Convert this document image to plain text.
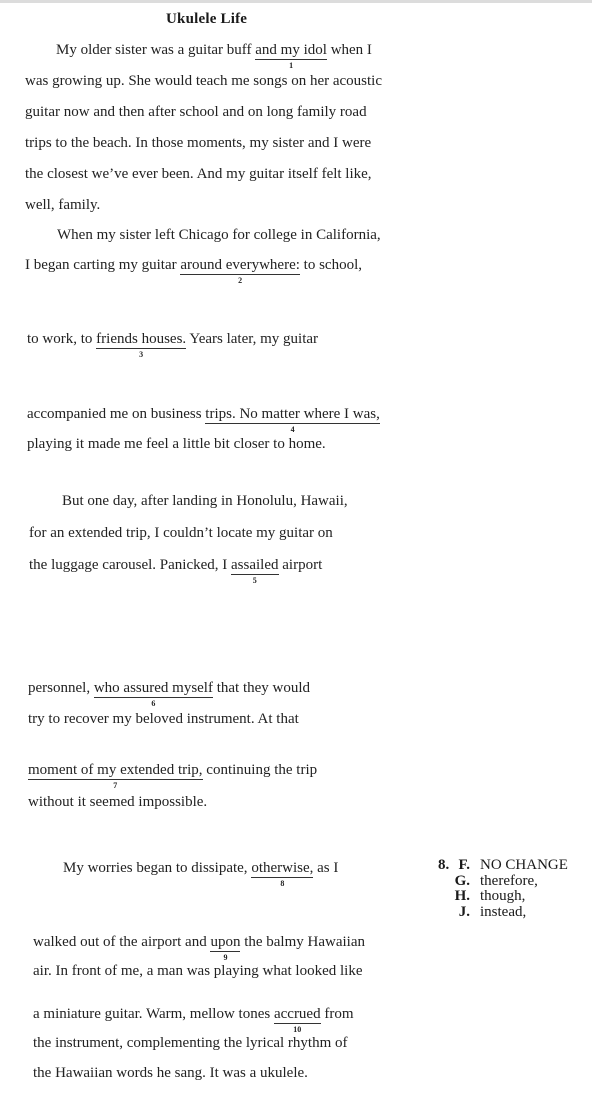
Ukulele Life
My older sister was a guitar buff and my idol
1
when I
was growing up. She would teach me songs on her acoustic
guitar now and then after school and on long family road
trips to the beach. In those moments, my sister and I were
the closest we’ve ever been. And my guitar itself felt like,
well, family.
When my sister left Chicago for college in California,
I began carting my guitar around everywhere:
2
to school,
to work, to friends houses.
3
Years later, my guitar
accompanied me on business trips. No matter where I was,
4
playing it made me feel a little bit closer to home.
But one day, after landing in Honolulu, Hawaii,
for an extended trip, I couldn’t locate my guitar on
the luggage carousel. Panicked, I assailed
5
airport
personnel, who assured myself
6
that they would
try to recover my beloved instrument. At that
moment of my extended trip,
7
continuing the trip
without it seemed impossible.
My worries began to dissipate, otherwise,
8
as I
walked out of the airport and upon
9
the balmy Hawaiian
air. In front of me, a man was playing what looked like
a miniature guitar. Warm, mellow tones accrued
10
from
the instrument, complementing the lyrical rhythm of
the Hawaiian words he sang. It was a ukulele.
8. F. NO CHANGE
G. therefore,
H. though,
J. instead,
